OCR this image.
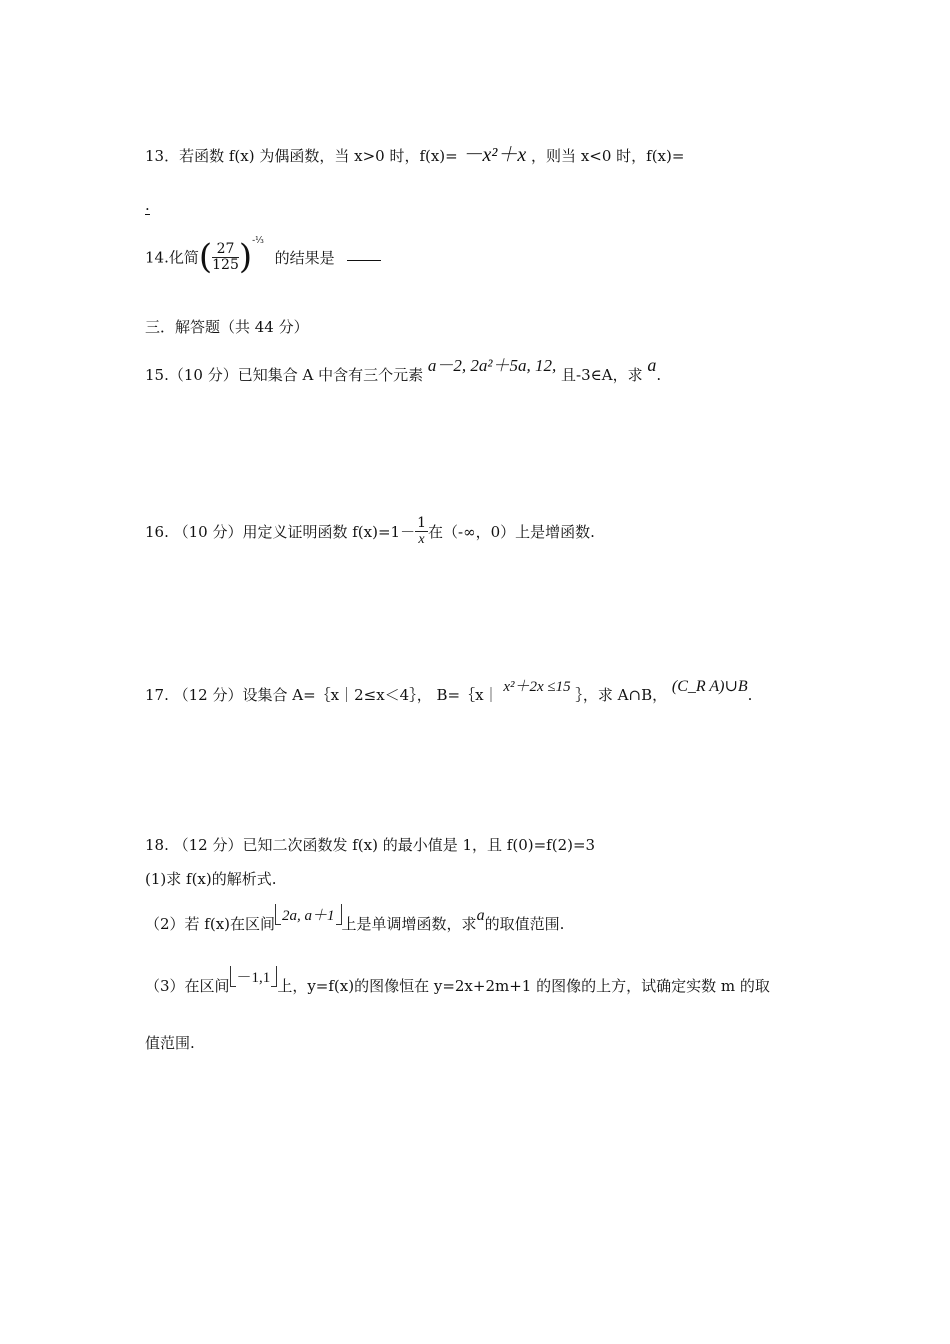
13．若函数 f(x) 为偶函数，当 x>0 时，f(x)= －x²＋x ，则当 x<0 时，f(x)=
.
14.化简( $\frac{27}{125} )^{-\frac{1}{3}}$ 的结果是
三．解答题（共 44 分）
15.（10 分）已知集合 A 中含有三个元素 a－2, 2a²＋5a, 12, 且-3∈A，求 a.
16. （10 分）用定义证明函数 $f(x)=1- \frac{1}{x}$ 在（-∞，0）上是增函数.
17. （12 分）设集合 A=｛x｜2≤x＜4｝， B=｛x｜ x²＋2x ≤15 ｝，求 A∩B， (C_R A)∪B.
18. （12 分）已知二次函数发 f(x) 的最小值是 1，且 f(0)=f(2)=3
(1)求 f(x)的解析式.
（2）若 f(x)在区间 2a, a＋1 上是单调增函数，求a的取值范围.
（3）在区间 －1,1 上，y=f(x)的图像恒在 y=2x+2m+1 的图像的上方，试确定实数 m 的取
值范围.
